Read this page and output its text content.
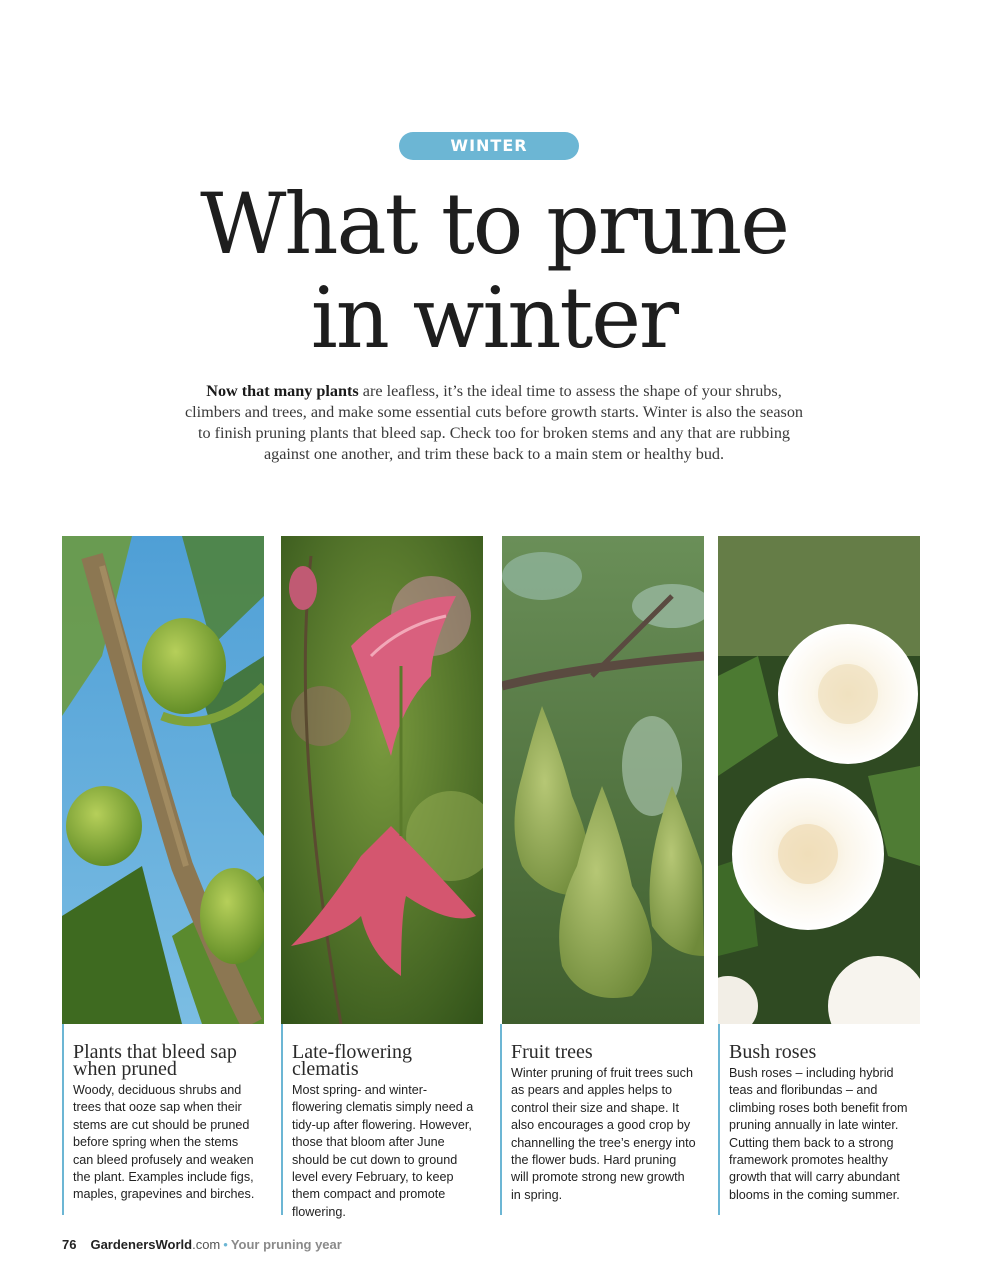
WINTER
What to prune
in winter
Now that many plants are leafless, it’s the ideal time to assess the shape of your shrubs, climbers and trees, and make some essential cuts before growth starts. Winter is also the season to finish pruning plants that bleed sap. Check too for broken stems and any that are rubbing against one another, and trim these back to a main stem or healthy bud.
Plants that bleed sap when pruned

Woody, deciduous shrubs and trees that ooze sap when their stems are cut should be pruned before spring when the stems can bleed profusely and weaken the plant. Examples include figs, maples, grapevines and birches.

Late-flowering clematis

Most spring- and winter-flowering clematis simply need a tidy-up after flowering. However, those that bloom after June should be cut down to ground level every February, to keep them compact and promote flowering.

Fruit trees

Winter pruning of fruit trees such as pears and apples helps to control their size and shape. It also encourages a good crop by channelling the tree’s energy into the flower buds. Hard pruning will promote strong new growth in spring.

Bush roses

Bush roses – including hybrid teas and floribundas – and climbing roses both benefit from pruning annually in late winter. Cutting them back to a strong framework promotes healthy growth that will carry abundant blooms in the coming summer.

76 GardenersWorld.com • Your pruning year
